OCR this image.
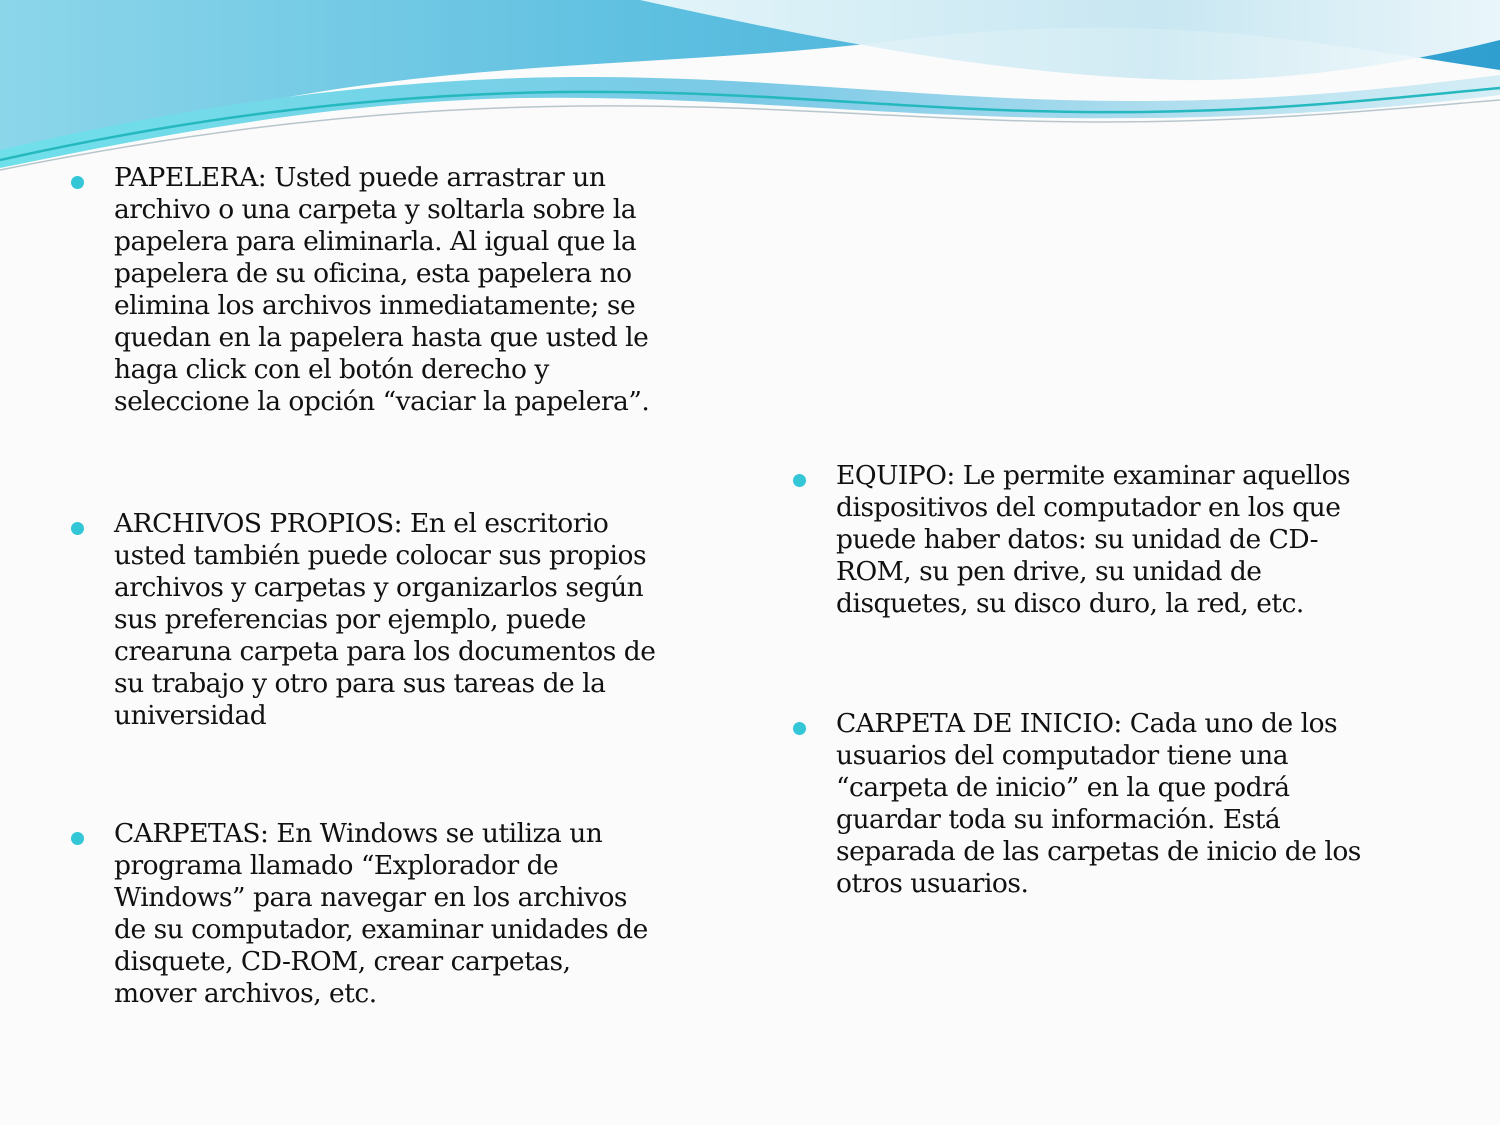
PAPELERA: Usted puede arrastrar un
archivo o una carpeta y soltarla sobre la
papelera para eliminarla. Al igual que la
papelera de su oficina, esta papelera no
elimina los archivos inmediatamente; se
quedan en la papelera hasta que usted le
haga click con el botón derecho y
seleccione la opción “vaciar la papelera”.
ARCHIVOS PROPIOS: En el escritorio
usted también puede colocar sus propios
archivos y carpetas y organizarlos según
sus preferencias por ejemplo, puede
crearuna carpeta para los documentos de
su trabajo y otro para sus tareas de la
universidad
CARPETAS: En Windows se utiliza un
programa llamado “Explorador de
Windows” para navegar en los archivos
de su computador, examinar unidades de
disquete, CD-ROM, crear carpetas,
mover archivos, etc.
EQUIPO: Le permite examinar aquellos
dispositivos del computador en los que
puede haber datos: su unidad de CD-
ROM, su pen drive, su unidad de
disquetes, su disco duro, la red, etc.
CARPETA DE INICIO: Cada uno de los
usuarios del computador tiene una
“carpeta de inicio” en la que podrá
guardar toda su información. Está
separada de las carpetas de inicio de los
otros usuarios.
